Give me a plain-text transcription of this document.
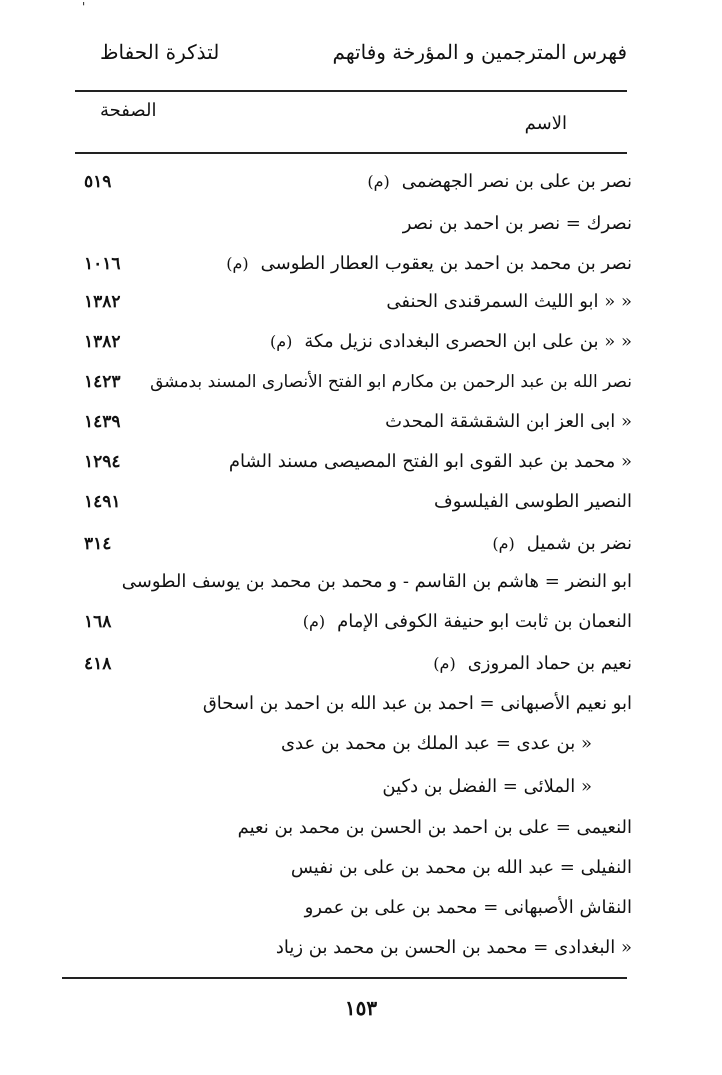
'
فهرس المترجمين و المؤرخة وفاتهم
لتذكرة الحفاظ
الاسم
الصفحة
نصر بن على بن نصر الجهضمى(م)
٥١٩
نصرك = نصر بن احمد بن نصر
نصر بن محمد بن احمد بن يعقوب العطار الطوسى(م)
١٠١٦
« « ابو الليث السمرقندى الحنفى
١٣٨٢
« « بن على ابن الحصرى البغدادى نزيل مكة(م)
١٣٨٢
نصر الله بن عبد الرحمن بن مكارم ابو الفتح الأنصارى المسند بدمشق
١٤٢٣
« ابى العز ابن الشقشقة المحدث
١٤٣٩
« محمد بن عبد القوى ابو الفتح المصيصى مسند الشام
١٢٩٤
النصير الطوسى الفيلسوف
١٤٩١
نضر بن شميل(م)
٣١٤
ابو النضر = هاشم بن القاسم - و محمد بن محمد بن يوسف الطوسى
النعمان بن ثابت ابو حنيفة الكوفى الإمام(م)
١٦٨
نعيم بن حماد المروزى(م)
٤١٨
ابو نعيم الأصبهانى = احمد بن عبد الله بن احمد بن اسحاق
« بن عدى = عبد الملك بن محمد بن عدى
« الملائى = الفضل بن دكين
النعيمى = على بن احمد بن الحسن بن محمد بن نعيم
النفيلى = عبد الله بن محمد بن على بن نفيس
النقاش الأصبهانى = محمد بن على بن عمرو
« البغدادى = محمد بن الحسن بن محمد بن زياد
١٥٣
